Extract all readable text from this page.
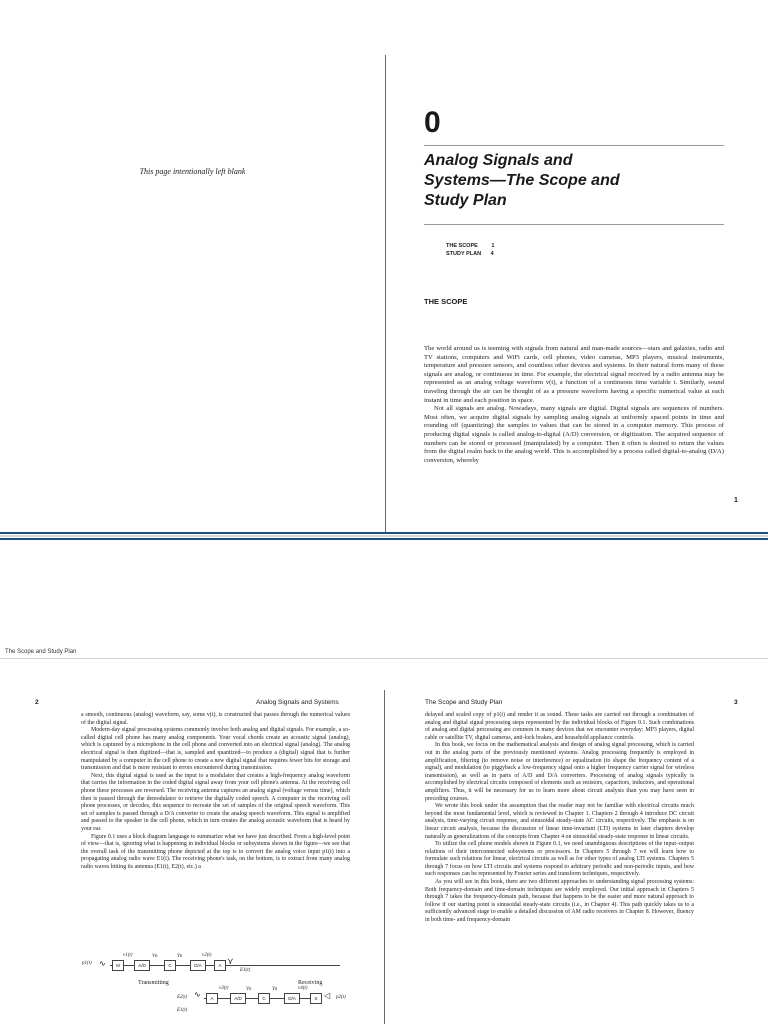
This page intentionally left blank
0
Analog Signals and
Systems—The Scope and
Study Plan
THE SCOPE 1
STUDY PLAN 4
THE SCOPE

The world around us is teeming with signals from natural and man-made sources—stars and galaxies, radio and TV stations, computers and WiFi cards, cell phones, video cameras, MP3 players, musical instruments, temperature and pressure sensors, and countless other devices and systems. In their natural form many of these signals are analog, or continuous in time. For example, the electrical signal received by a radio antenna may be represented as an analog voltage waveform v(t), a function of a continuous time variable t. Similarly, sound traveling through the air can be thought of as a pressure waveform having a specific numerical value at each instant in time and each position in space.

Not all signals are analog. Nowadays, many signals are digital. Digital signals are sequences of numbers. Most often, we acquire digital signals by sampling analog signals at uniformly spaced points in time and rounding off (quantizing) the samples to values that can be stored in a computer memory. This process of producing digital signals is called analog-to-digital (A/D) conversion, or digitization. The acquired sequence of numbers can be stored or processed (manipulated) by a computer. Then it often is desired to return the values from the digital realm back to the analog world. This is accomplished by a process called digital-to-analog (D/A) conversion, whereby

1
The Scope and Study Plan
2	Analog Signals and Systems

a smooth, continuous (analog) waveform, say, some v(t), is constructed that passes through the numerical values of the digital signal.

Modern-day signal processing systems commonly involve both analog and digital signals. For example, a so-called digital cell phone has many analog components. Your vocal chords create an acoustic signal (analog), which is captured by a microphone in the cell phone and converted into an electrical signal (analog). The analog electrical signal is then digitized—that is, sampled and quantized—to produce a (digital) signal that is further manipulated by a computer in the cell phone to create a new digital signal that requires fewer bits for storage and transmission and that is more resistant to errors encountered during transmission.

Next, this digital signal is used as the input to a modulator that creates a high-frequency analog waveform that carries the information in the coded digital signal away from your cell phone's antenna. At the receiving cell phone these processes are reversed. The receiving antenna captures an analog signal (voltage versus time), which then is passed through the demodulator to retrieve the digitally coded speech. A computer in the receiving cell phone processes, or decodes, this sequence to recreate the set of samples of the original speech waveform. This set of samples is passed through a D/A converter to create the analog speech waveform. This signal is amplified and passed to the speaker in the cell phone, which in turn creates the analog acoustic waveform that is heard by your ear.

Figure 0.1 uses a block diagram language to summarize what we have just described. From a high-level point of view—that is, ignoring what is happening in individual blocks or subsystems shown in the figure—we see that the overall task of the transmitting phone depicted at the top is to convert the analog voice input p1(t) into a propagating analog radio wave E1(t). The receiving phone's task, on the bottom, is to extract from many analog radio waves hitting its antenna (E1(t), E2(t), etc.) a

p1(t) ∿	M	A/D	C	D/A	A
v1(t)	Vn	Yn	v2(t)
⋎
E1(t)
Transmitting	Receiving
E2(t)
E1(t)
∿	A	A/D	C	D/A	S
v3(t)	Vn	Yn	v4(t)
◁ p2(t)
The Scope and Study Plan	3

delayed and scaled copy of p1(t) and render it as sound. These tasks are carried out through a combination of analog and digital signal processing steps represented by the individual blocks of Figure 0.1. Such combinations of analog and digital processing are common in many devices that we encounter everyday: MP3 players, digital cable or satellite TV, digital cameras, anti-lock brakes, and household appliance controls.

In this book, we focus on the mathematical analysis and design of analog signal processing, which is carried out in the analog parts of the previously mentioned systems. Analog processing frequently is employed in amplification, filtering (to remove noise or interference) or equalization (to shape the frequency content of a signal), and modulation (to piggyback a low-frequency signal onto a higher frequency carrier signal for wireless transmission), as well as in parts of A/D and D/A converters. Processing of analog signals typically is accomplished by electrical circuits composed of elements such as resistors, capacitors, inductors, and operational amplifiers. Thus, it will be necessary for us to learn more about circuit analysis than you may have seen in preceding courses.

We wrote this book under the assumption that the reader may not be familiar with electrical circuits much beyond the most fundamental level, which is reviewed in Chapter 1. Chapters 2 through 4 introduce DC circuit analysis, time-varying circuit response, and sinusoidal steady-state AC circuits, respectively. The emphasis is on linear circuit analysis, because the discussion of linear time-invariant (LTI) systems in later chapters develop naturally as generalizations of the concepts from Chapter 4 on sinusoidal steady-state response in linear circuits.

To utilize the cell phone models shown in Figure 0.1, we need unambiguous descriptions of the input–output relations of their interconnected subsystems or processors. In Chapters 5 through 7 we will learn how to formulate such relations for linear, electrical circuits as well as for other types of analog LTI systems. Chapters 5 through 7 focus on how LTI circuits and systems respond to arbitrary periodic and non-periodic inputs, and how such responses can be represented by Fourier series and transform techniques, respectively.

As you will see in this book, there are two different approaches to understanding signal processing systems: Both frequency-domain and time-domain techniques are widely employed. Our initial approach in Chapters 5 through 7 takes the frequency-domain path, because that happens to be the easier and more natural approach to follow if our starting point is sinusoidal steady-state circuits (i.e., in Chapter 4). This path quickly takes us to a sufficiently advanced stage to enable a detailed discussion of AM radio receivers in Chapter 8. However, fluency in both time- and frequency-domain
